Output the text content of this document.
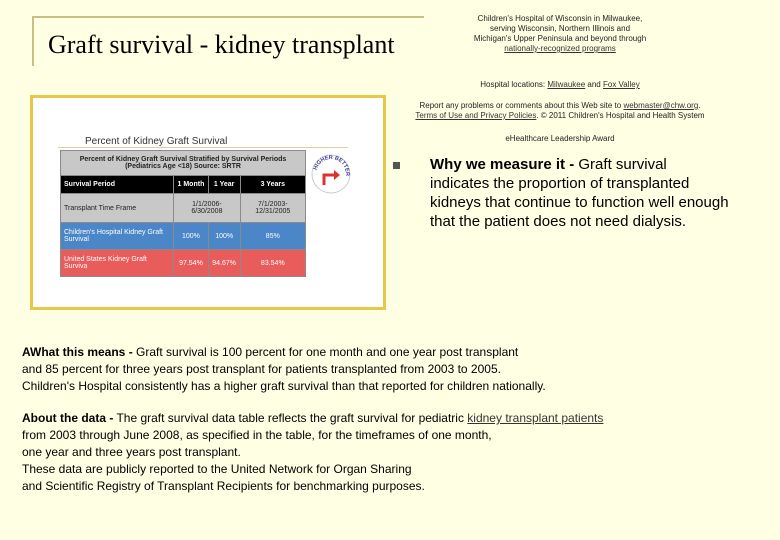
Graft survival - kidney transplant
Children's Hospital of Wisconsin in Milwaukee,
serving Wisconsin, Northern Illinois and
Michigan's Upper Peninsula and beyond through
nationally-recognized programs
Hospital locations: Milwaukee and Fox Valley
Report any problems or comments about this Web site to webmaster@chw.org.
Terms of Use and Privacy Policies. © 2011 Children's Hospital and Health System
eHealthcare Leadership Award
Percent of Kidney Graft Survival
Percent of Kidney Graft Survival Stratified by Survival Periods
(Pediatrics Age <18) Source: SRTR			

Survival Period	1 Month	1 Year	3 Years
Transplant Time Frame	1/1/2006-6/30/2008		7/1/2003-12/31/2005
Children's Hospital Kidney Graft Survival	100%	100%	85%
United States Kidney Graft Surviva	97.54%	94.67%	83.54%
HIGHER BETTER
Why we measure it - Graft survival indicates the proportion of transplanted kidneys that continue to function well enough that the patient does not need dialysis.
AWhat this means - Graft survival is 100 percent for one month and one year post transplant
and 85 percent for three years post transplant for patients transplanted from 2003 to 2005.
Children's Hospital consistently has a higher graft survival than that reported for children nationally.
About the data - The graft survival data table reflects the graft survival for pediatric kidney transplant patients
from 2003 through June 2008, as specified in the table, for the timeframes of one month,
one year and three years post transplant.
These data are publicly reported to the United Network for Organ Sharing
and Scientific Registry of Transplant Recipients for benchmarking purposes.
